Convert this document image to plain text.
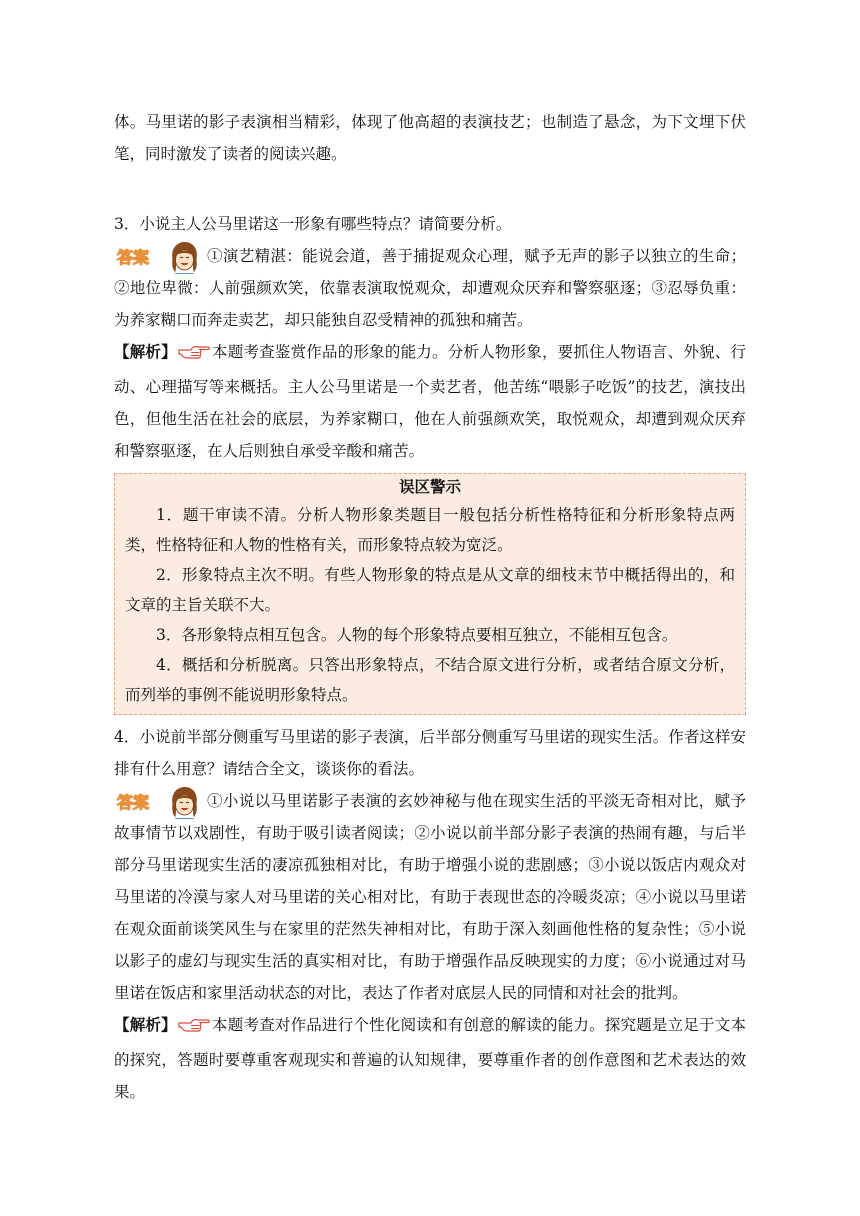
体。马里诺的影子表演相当精彩，体现了他高超的表演技艺；也制造了悬念，为下文埋下伏笔，同时激发了读者的阅读兴趣。

3．小说主人公马里诺这一形象有哪些特点？请简要分析。

答案	①演艺精湛：能说会道，善于捕捉观众心理，赋予无声的影子以独立的生命；②地位卑微：人前强颜欢笑，依靠表演取悦观众，却遭观众厌弃和警察驱逐；③忍辱负重：为养家糊口而奔走卖艺，却只能独自忍受精神的孤独和痛苦。

【解析】 本题考查鉴赏作品的形象的能力。分析人物形象，要抓住人物语言、外貌、行动、心理描写等来概括。主人公马里诺是一个卖艺者，他苦练“喂影子吃饭”的技艺，演技出色，但他生活在社会的底层，为养家糊口，他在人前强颜欢笑，取悦观众，却遭到观众厌弃和警察驱逐，在人后则独自承受辛酸和痛苦。

误区警示

1．题干审读不清。分析人物形象类题目一般包括分析性格特征和分析形象特点两类，性格特征和人物的性格有关，而形象特点较为宽泛。

2．形象特点主次不明。有些人物形象的特点是从文章的细枝末节中概括得出的，和文章的主旨关联不大。

3．各形象特点相互包含。人物的每个形象特点要相互独立，不能相互包含。

4．概括和分析脱离。只答出形象特点，不结合原文进行分析，或者结合原文分析，而列举的事例不能说明形象特点。

4．小说前半部分侧重写马里诺的影子表演，后半部分侧重写马里诺的现实生活。作者这样安排有什么用意？请结合全文，谈谈你的看法。

答案	①小说以马里诺影子表演的玄妙神秘与他在现实生活的平淡无奇相对比，赋予故事情节以戏剧性，有助于吸引读者阅读；②小说以前半部分影子表演的热闹有趣，与后半部分马里诺现实生活的凄凉孤独相对比，有助于增强小说的悲剧感；③小说以饭店内观众对马里诺的冷漠与家人对马里诺的关心相对比，有助于表现世态的冷暖炎凉；④小说以马里诺在观众面前谈笑风生与在家里的茫然失神相对比，有助于深入刻画他性格的复杂性；⑤小说以影子的虚幻与现实生活的真实相对比，有助于增强作品反映现实的力度；⑥小说通过对马里诺在饭店和家里活动状态的对比，表达了作者对底层人民的同情和对社会的批判。

【解析】 本题考查对作品进行个性化阅读和有创意的解读的能力。探究题是立足于文本的探究，答题时要尊重客观现实和普遍的认知规律，要尊重作者的创作意图和艺术表达的效果。
